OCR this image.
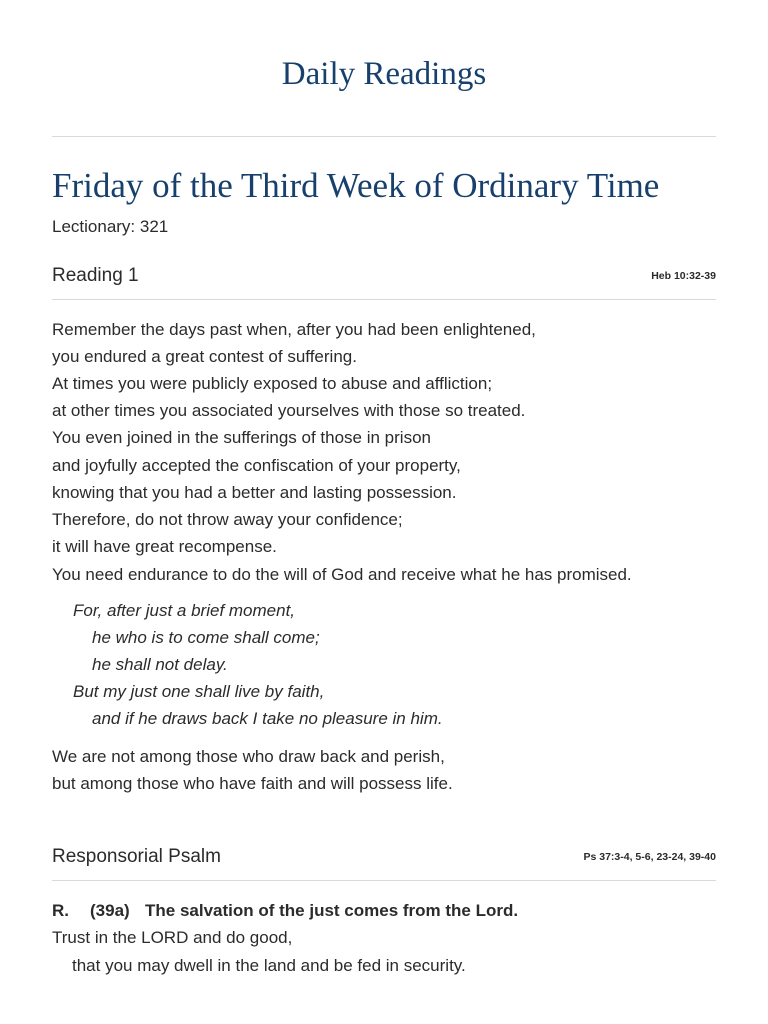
Daily Readings
Friday of the Third Week of Ordinary Time
Lectionary: 321
Reading 1	Heb 10:32-39
Remember the days past when, after you had been enlightened,
you endured a great contest of suffering.
At times you were publicly exposed to abuse and affliction;
at other times you associated yourselves with those so treated.
You even joined in the sufferings of those in prison
and joyfully accepted the confiscation of your property,
knowing that you had a better and lasting possession.
Therefore, do not throw away your confidence;
it will have great recompense.
You need endurance to do the will of God and receive what he has promised.
For, after just a brief moment,
he who is to come shall come;
he shall not delay.
But my just one shall live by faith,
and if he draws back I take no pleasure in him.
We are not among those who draw back and perish,
but among those who have faith and will possess life.
Responsorial Psalm	Ps 37:3-4, 5-6, 23-24, 39-40
R. (39a) The salvation of the just comes from the Lord.
Trust in the LORD and do good,
that you may dwell in the land and be fed in security.
